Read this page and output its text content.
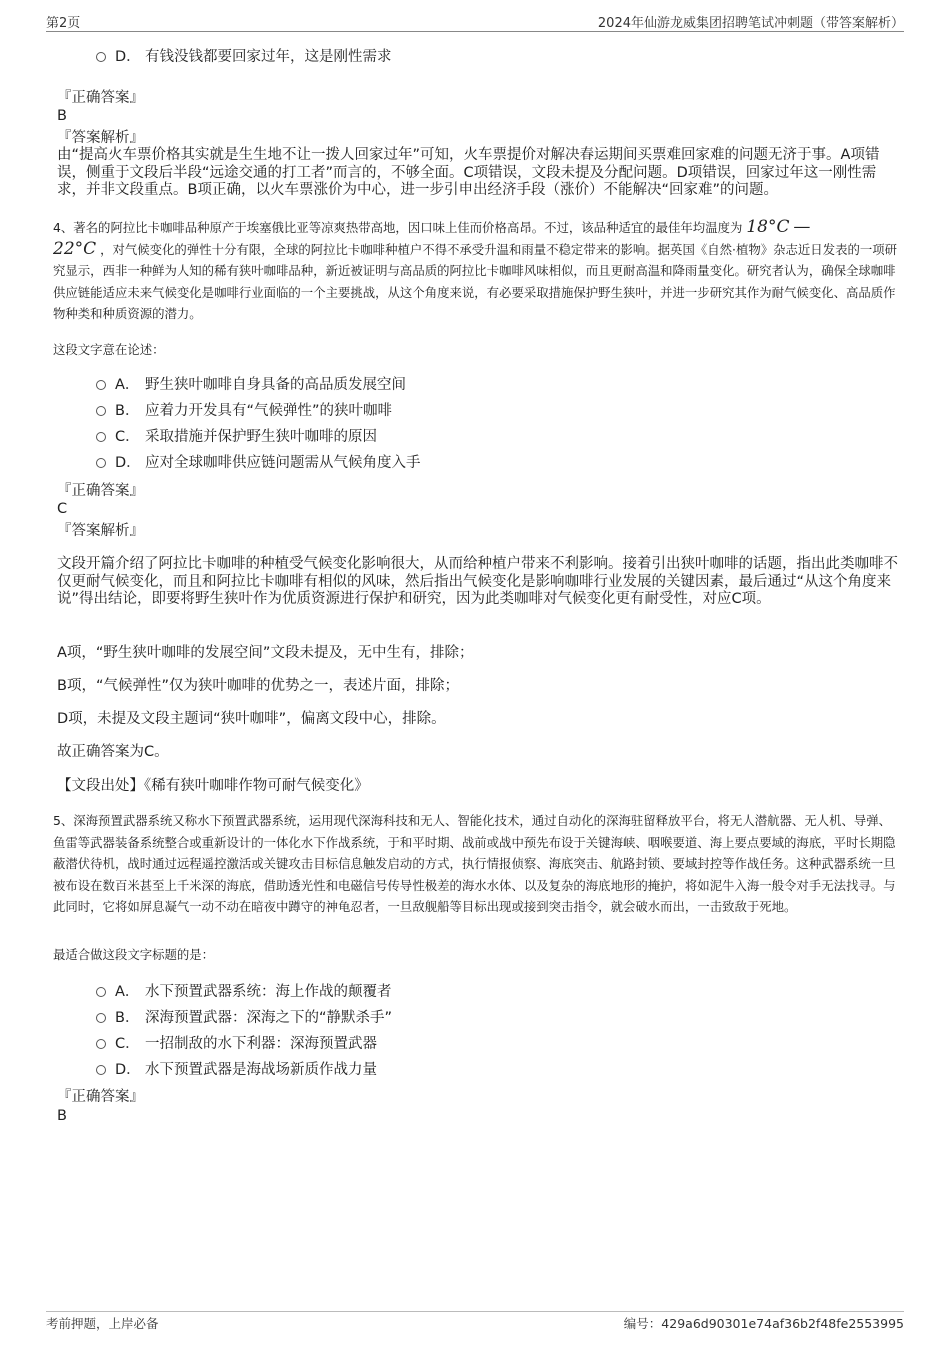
第2页	2024年仙游龙威集团招聘笔试冲刺题（带答案解析）
D． 有钱没钱都要回家过年，这是刚性需求
『正确答案』
B
『答案解析』
由“提高火车票价格其实就是生生地不让一拨人回家过年”可知，火车票提价对解决春运期间买票难回家难的问题无济于事。A项错误，侧重于文段后半段“远途交通的打工者”而言的，不够全面。C项错误，文段未提及分配问题。D项错误，回家过年这一刚性需求，并非文段重点。B项正确，以火车票涨价为中心，进一步引申出经济手段（涨价）不能解决“回家难”的问题。
4、著名的阿拉比卡咖啡品种原产于埃塞俄比亚等凉爽热带高地，因口味上佳而价格高昂。不过，该品种适宜的最佳年均温度为 18°C —
22°C ，对气候变化的弹性十分有限，全球的阿拉比卡咖啡种植户不得不承受升温和雨量不稳定带来的影响。据英国《自然·植物》杂志近日发表的一项研究显示，西非一种鲜为人知的稀有狭叶咖啡品种，新近被证明与高品质的阿拉比卡咖啡风味相似，而且更耐高温和降雨量变化。研究者认为，确保全球咖啡供应链能适应未来气候变化是咖啡行业面临的一个主要挑战，从这个角度来说，有必要采取措施保护野生狭叶，并进一步研究其作为耐气候变化、高品质作物种类和种质资源的潜力。
这段文字意在论述：
A． 野生狭叶咖啡自身具备的高品质发展空间
B． 应着力开发具有“气候弹性”的狭叶咖啡
C． 采取措施并保护野生狭叶咖啡的原因
D． 应对全球咖啡供应链问题需从气候角度入手
『正确答案』
C
『答案解析』
文段开篇介绍了阿拉比卡咖啡的种植受气候变化影响很大，从而给种植户带来不利影响。接着引出狭叶咖啡的话题，指出此类咖啡不仅更耐气候变化，而且和阿拉比卡咖啡有相似的风味，然后指出气候变化是影响咖啡行业发展的关键因素，最后通过“从这个角度来说”得出结论，即要将野生狭叶作为优质资源进行保护和研究，因为此类咖啡对气候变化更有耐受性，对应C项。
A项，“野生狭叶咖啡的发展空间”文段未提及，无中生有，排除；
B项，“气候弹性”仅为狭叶咖啡的优势之一，表述片面，排除；
D项，未提及文段主题词“狭叶咖啡”，偏离文段中心，排除。
故正确答案为C。
【文段出处】《稀有狭叶咖啡作物可耐气候变化》
5、深海预置武器系统又称水下预置武器系统，运用现代深海科技和无人、智能化技术，通过自动化的深海驻留释放平台，将无人潜航器、无人机、导弹、鱼雷等武器装备系统整合或重新设计的一体化水下作战系统，于和平时期、战前或战中预先布设于关键海峡、咽喉要道、海上要点要域的海底，平时长期隐蔽潜伏待机，战时通过远程遥控激活或关键攻击目标信息触发启动的方式，执行情报侦察、海底突击、航路封锁、要域封控等作战任务。这种武器系统一旦被布设在数百米甚至上千米深的海底，借助透光性和电磁信号传导性极差的海水水体、以及复杂的海底地形的掩护，将如泥牛入海一般令对手无法找寻。与此同时，它将如屏息凝气一动不动在暗夜中蹲守的神龟忍者，一旦敌舰船等目标出现或接到突击指令，就会破水而出，一击致敌于死地。
最适合做这段文字标题的是：
A． 水下预置武器系统：海上作战的颠覆者
B． 深海预置武器：深海之下的“静默杀手”
C． 一招制敌的水下利器：深海预置武器
D． 水下预置武器是海战场新质作战力量
『正确答案』
B
考前押题，上岸必备	编号：429a6d90301e74af36b2f48fe2553995
